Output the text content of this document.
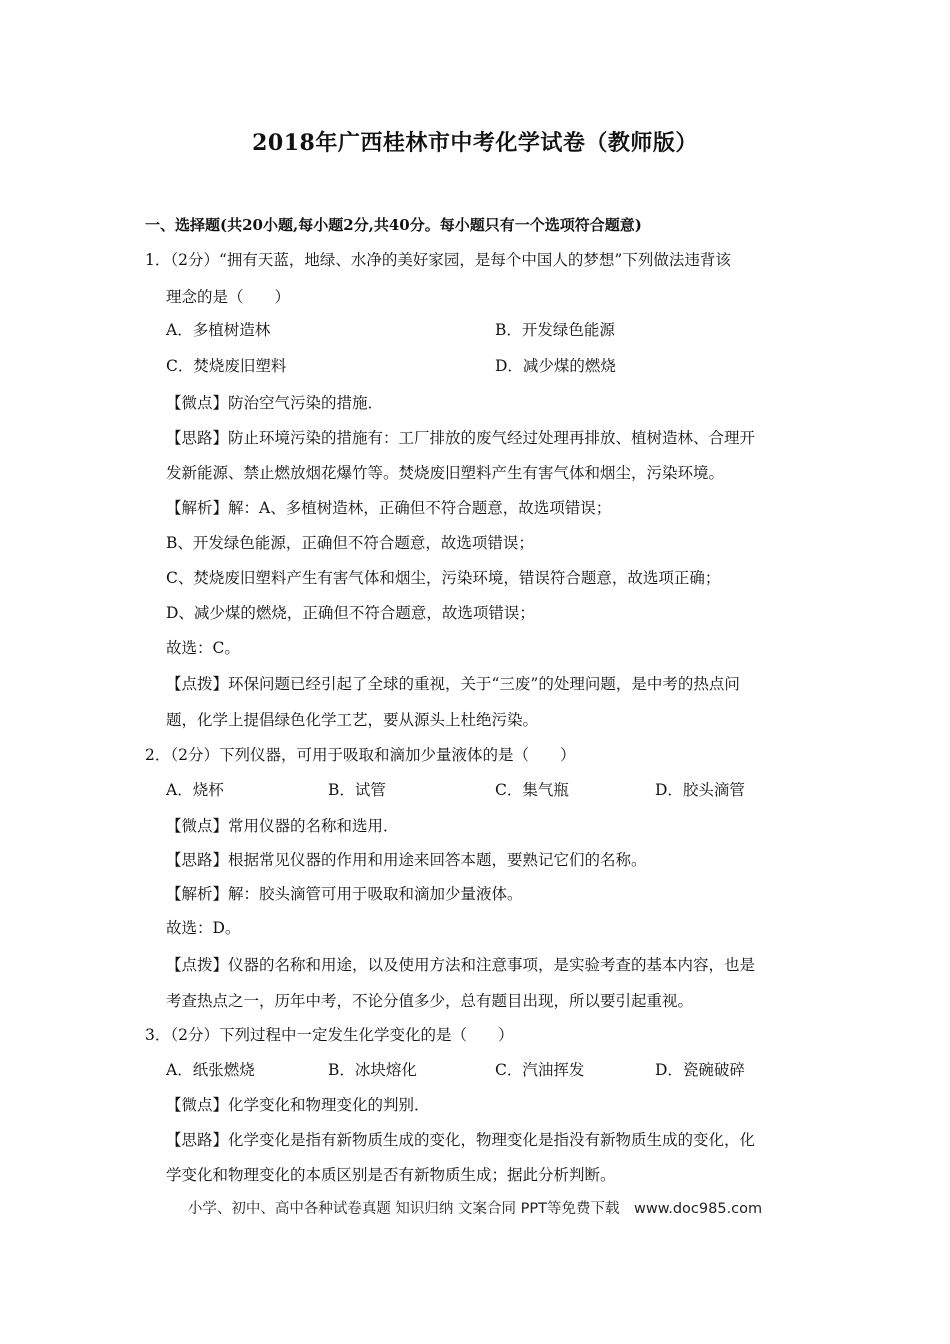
2018年广西桂林市中考化学试卷（教师版）
一、选择题(共20小题,每小题2分,共40分。每小题只有一个选项符合题意)
1．（2分）“拥有天蓝，地绿、水净的美好家园，是每个中国人的梦想”下列做法违背该
理念的是（　　）
A．多植树造林	B．开发绿色能源
C．焚烧废旧塑料	D．减少煤的燃烧
【微点】防治空气污染的措施．
【思路】防止环境污染的措施有：工厂排放的废气经过处理再排放、植树造林、合理开
发新能源、禁止燃放烟花爆竹等。焚烧废旧塑料产生有害气体和烟尘，污染环境。
【解析】解：A、多植树造林，正确但不符合题意，故选项错误；
B、开发绿色能源，正确但不符合题意，故选项错误；
C、焚烧废旧塑料产生有害气体和烟尘，污染环境，错误符合题意，故选项正确；
D、减少煤的燃烧，正确但不符合题意，故选项错误；
故选：C。
【点拨】环保问题已经引起了全球的重视，关于“三废”的处理问题，是中考的热点问
题，化学上提倡绿色化学工艺，要从源头上杜绝污染。
2．（2分）下列仪器，可用于吸取和滴加少量液体的是（　　）
A．烧杯	B．试管	C．集气瓶	D．胶头滴管
【微点】常用仪器的名称和选用．
【思路】根据常见仪器的作用和用途来回答本题，要熟记它们的名称。
【解析】解：胶头滴管可用于吸取和滴加少量液体。
故选：D。
【点拨】仪器的名称和用途，以及使用方法和注意事项，是实验考查的基本内容，也是
考查热点之一，历年中考，不论分值多少，总有题目出现，所以要引起重视。
3．（2分）下列过程中一定发生化学变化的是（　　）
A．纸张燃烧	B．冰块熔化	C．汽油挥发	D．瓷碗破碎
【微点】化学变化和物理变化的判别．
【思路】化学变化是指有新物质生成的变化，物理变化是指没有新物质生成的变化，化
学变化和物理变化的本质区别是否有新物质生成；据此分析判断。
小学、初中、高中各种试卷真题 知识归纳 文案合同 PPT等免费下载　www.doc985.com
